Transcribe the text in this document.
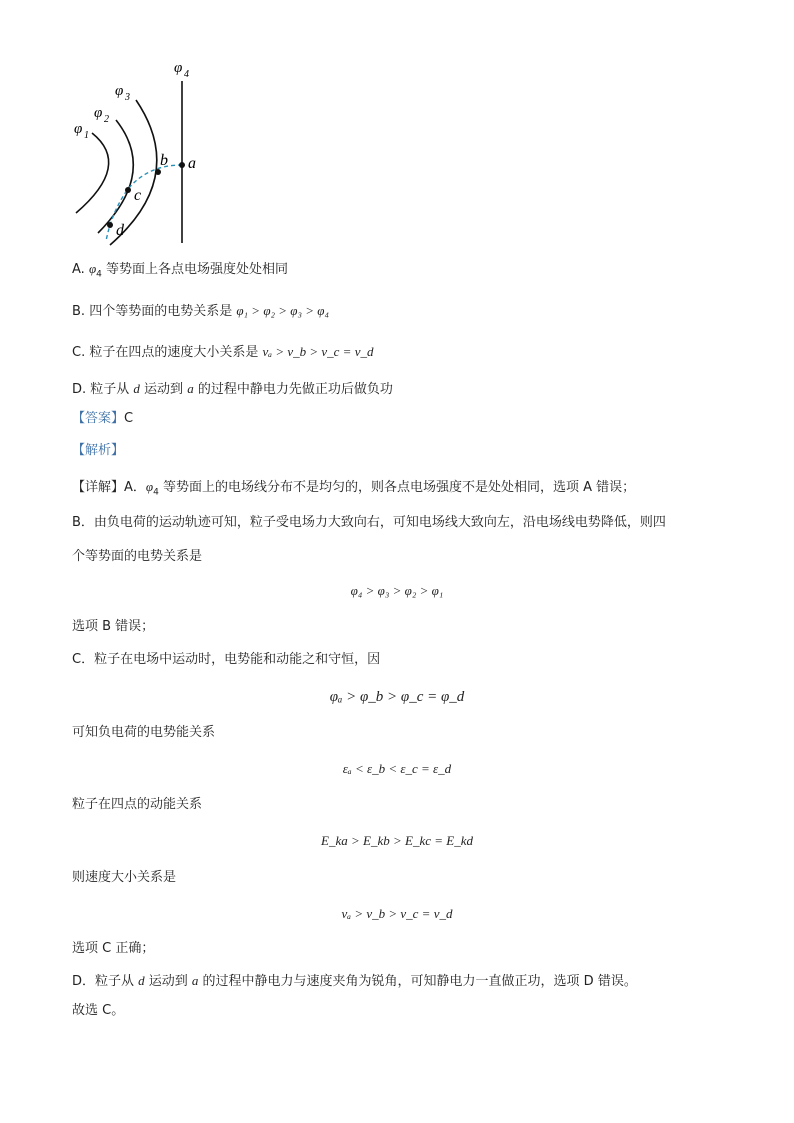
φ 1
φ 2
φ 3
φ 4
a
b
c
d
A. $\varphi_4$ 等势面上各点电场强度处处相同
B. 四个等势面的电势关系是 φ₁ > φ₂ > φ₃ > φ₄
C. 粒子在四点的速度大小关系是 vₐ > v_b > v_c = v_d
D. 粒子从 d 运动到 a 的过程中静电力先做正功后做负功
【答案】C
【解析】
【详解】A．$\varphi_4$ 等势面上的电场线分布不是均匀的，则各点电场强度不是处处相同，选项 A 错误；
B．由负电荷的运动轨迹可知，粒子受电场力大致向右，可知电场线大致向左，沿电场线电势降低，则四
个等势面的电势关系是
φ₄ > φ₃ > φ₂ > φ₁
选项 B 错误；
C．粒子在电场中运动时，电势能和动能之和守恒，因
φₐ > φ_b > φ_c = φ_d
可知负电荷的电势能关系
εₐ < ε_b < ε_c = ε_d
粒子在四点的动能关系
E_ka > E_kb > E_kc = E_kd
则速度大小关系是
vₐ > v_b > v_c = v_d
选项 C 正确；
D．粒子从 d 运动到 a 的过程中静电力与速度夹角为锐角，可知静电力一直做正功，选项 D 错误。
故选 C。
